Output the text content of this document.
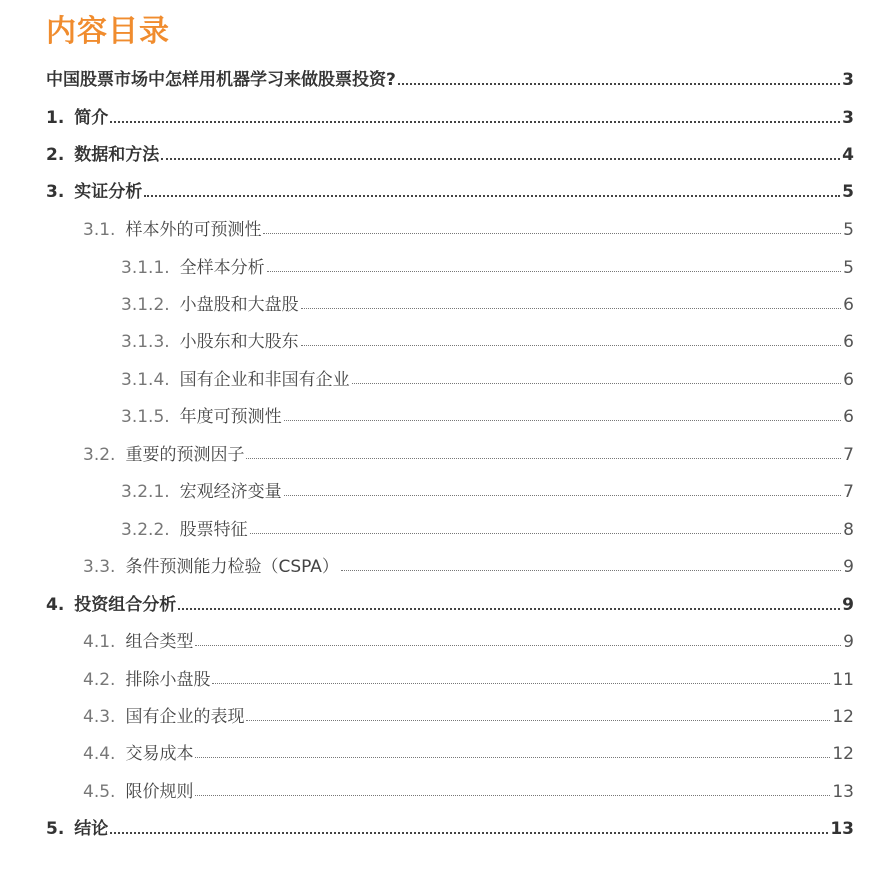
内容目录
中国股票市场中怎样用机器学习来做股票投资?	3
1. 简介	3
2. 数据和方法	4
3. 实证分析	5
3.1. 样本外的可预测性	5
3.1.1. 全样本分析	5
3.1.2. 小盘股和大盘股	6
3.1.3. 小股东和大股东	6
3.1.4. 国有企业和非国有企业	6
3.1.5. 年度可预测性	6
3.2. 重要的预测因子	7
3.2.1. 宏观经济变量	7
3.2.2. 股票特征	8
3.3. 条件预测能力检验（CSPA）	9
4. 投资组合分析	9
4.1. 组合类型	9
4.2. 排除小盘股	11
4.3. 国有企业的表现	12
4.4. 交易成本	12
4.5. 限价规则	13
5. 结论	13
